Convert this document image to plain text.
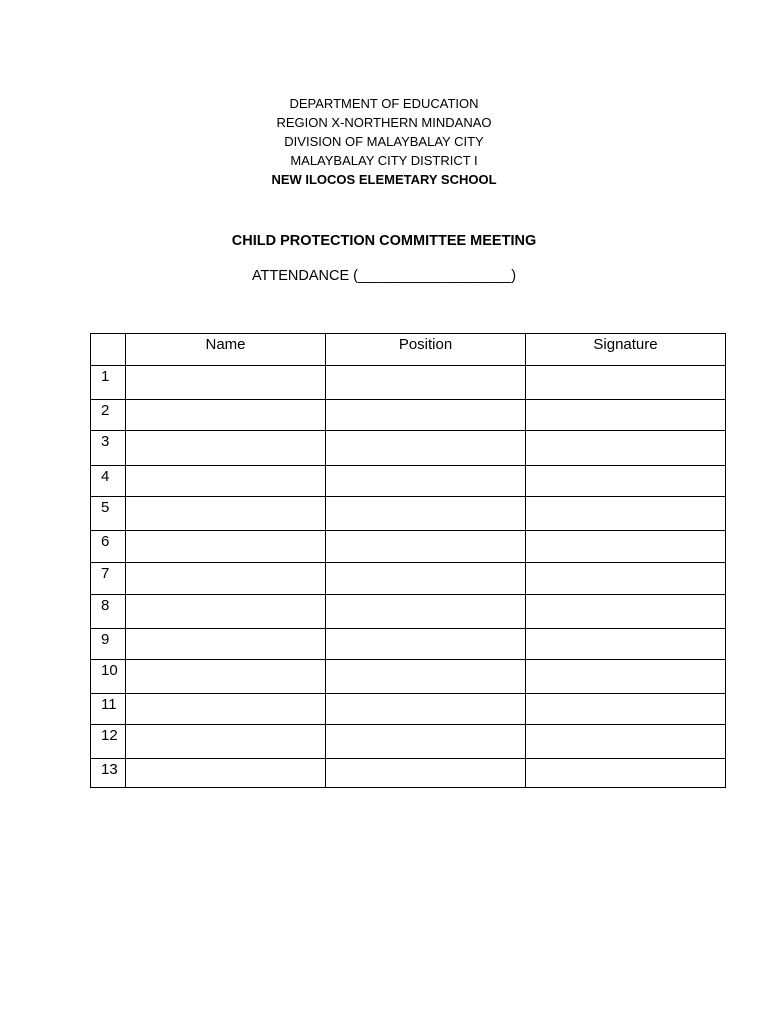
DEPARTMENT OF EDUCATION
REGION X-NORTHERN MINDANAO
DIVISION OF MALAYBALAY CITY
MALAYBALAY CITY DISTRICT I
NEW ILOCOS ELEMETARY SCHOOL
CHILD PROTECTION COMMITTEE MEETING
ATTENDANCE (___________________)
	Name	Position	Signature
1			
2			
3			
4			
5			
6			
7			
8			
9			
10			
11			
12			
13			
